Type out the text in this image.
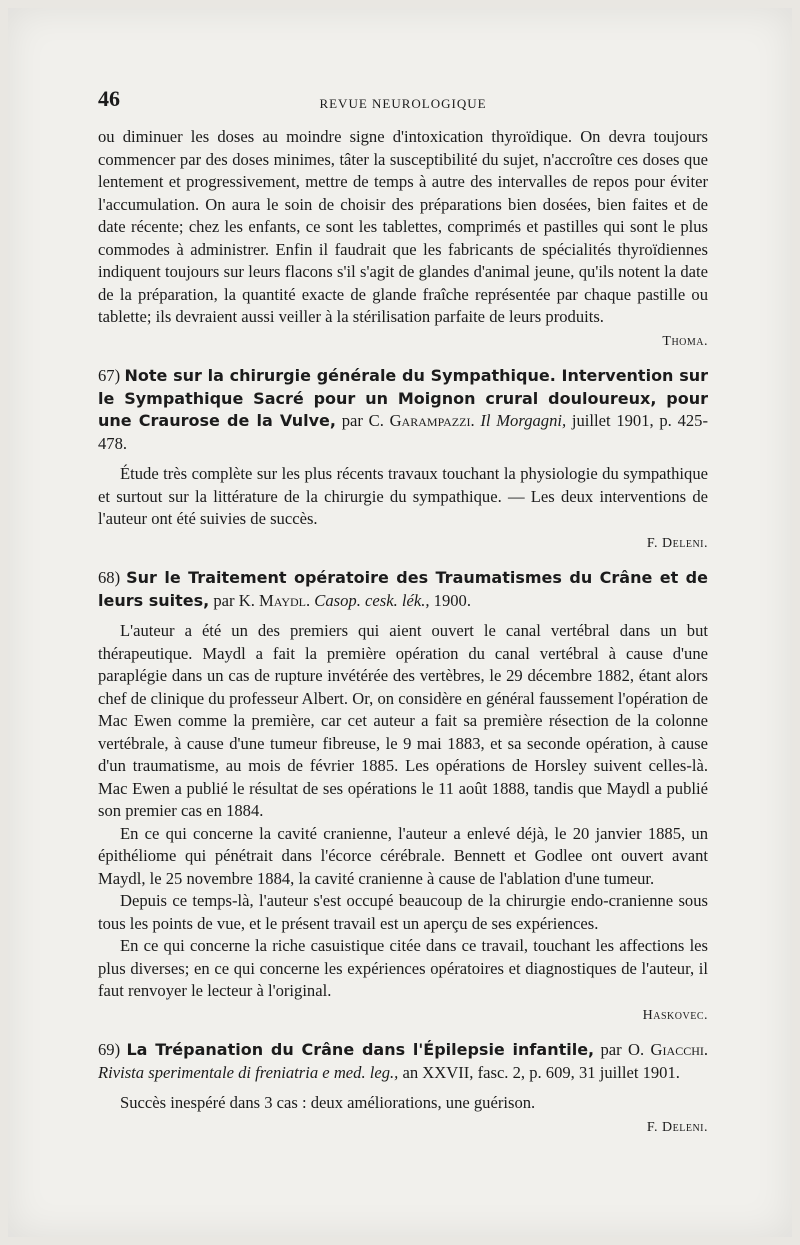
46	REVUE NEUROLOGIQUE

ou diminuer les doses au moindre signe d'intoxication thyroïdique. On devra toujours commencer par des doses minimes, tâter la susceptibilité du sujet, n'accroître ces doses que lentement et progressivement, mettre de temps à autre des intervalles de repos pour éviter l'accumulation. On aura le soin de choisir des préparations bien dosées, bien faites et de date récente; chez les enfants, ce sont les tablettes, comprimés et pastilles qui sont le plus commodes à administrer. Enfin il faudrait que les fabricants de spécialités thyroïdiennes indiquent toujours sur leurs flacons s'il s'agit de glandes d'animal jeune, qu'ils notent la date de la préparation, la quantité exacte de glande fraîche représentée par chaque pastille ou tablette; ils devraient aussi veiller à la stérilisation parfaite de leurs produits.

Thoma.

67) Note sur la chirurgie générale du Sympathique. Intervention sur le Sympathique Sacré pour un Moignon crural douloureux, pour une Craurose de la Vulve, par C. Garampazzi. Il Morgagni, juillet 1901, p. 425-478.

Étude très complète sur les plus récents travaux touchant la physiologie du sympathique et surtout sur la littérature de la chirurgie du sympathique. — Les deux interventions de l'auteur ont été suivies de succès.

F. Deleni.

68) Sur le Traitement opératoire des Traumatismes du Crâne et de leurs suites, par K. Maydl. Casop. cesk. lék., 1900.

L'auteur a été un des premiers qui aient ouvert le canal vertébral dans un but thérapeutique. Maydl a fait la première opération du canal vertébral à cause d'une paraplégie dans un cas de rupture invétérée des vertèbres, le 29 décembre 1882, étant alors chef de clinique du professeur Albert. Or, on considère en général faussement l'opération de Mac Ewen comme la première, car cet auteur a fait sa première résection de la colonne vertébrale, à cause d'une tumeur fibreuse, le 9 mai 1883, et sa seconde opération, à cause d'un traumatisme, au mois de février 1885. Les opérations de Horsley suivent celles-là. Mac Ewen a publié le résultat de ses opérations le 11 août 1888, tandis que Maydl a publié son premier cas en 1884.

En ce qui concerne la cavité cranienne, l'auteur a enlevé déjà, le 20 janvier 1885, un épithéliome qui pénétrait dans l'écorce cérébrale. Bennett et Godlee ont ouvert avant Maydl, le 25 novembre 1884, la cavité cranienne à cause de l'ablation d'une tumeur.

Depuis ce temps-là, l'auteur s'est occupé beaucoup de la chirurgie endo-cranienne sous tous les points de vue, et le présent travail est un aperçu de ses expériences.

En ce qui concerne la riche casuistique citée dans ce travail, touchant les affections les plus diverses; en ce qui concerne les expériences opératoires et diagnostiques de l'auteur, il faut renvoyer le lecteur à l'original.

Haskovec.

69) La Trépanation du Crâne dans l'Épilepsie infantile, par O. Giacchi. Rivista sperimentale di freniatria e med. leg., an XXVII, fasc. 2, p. 609, 31 juillet 1901.

Succès inespéré dans 3 cas : deux améliorations, une guérison.

F. Deleni.
